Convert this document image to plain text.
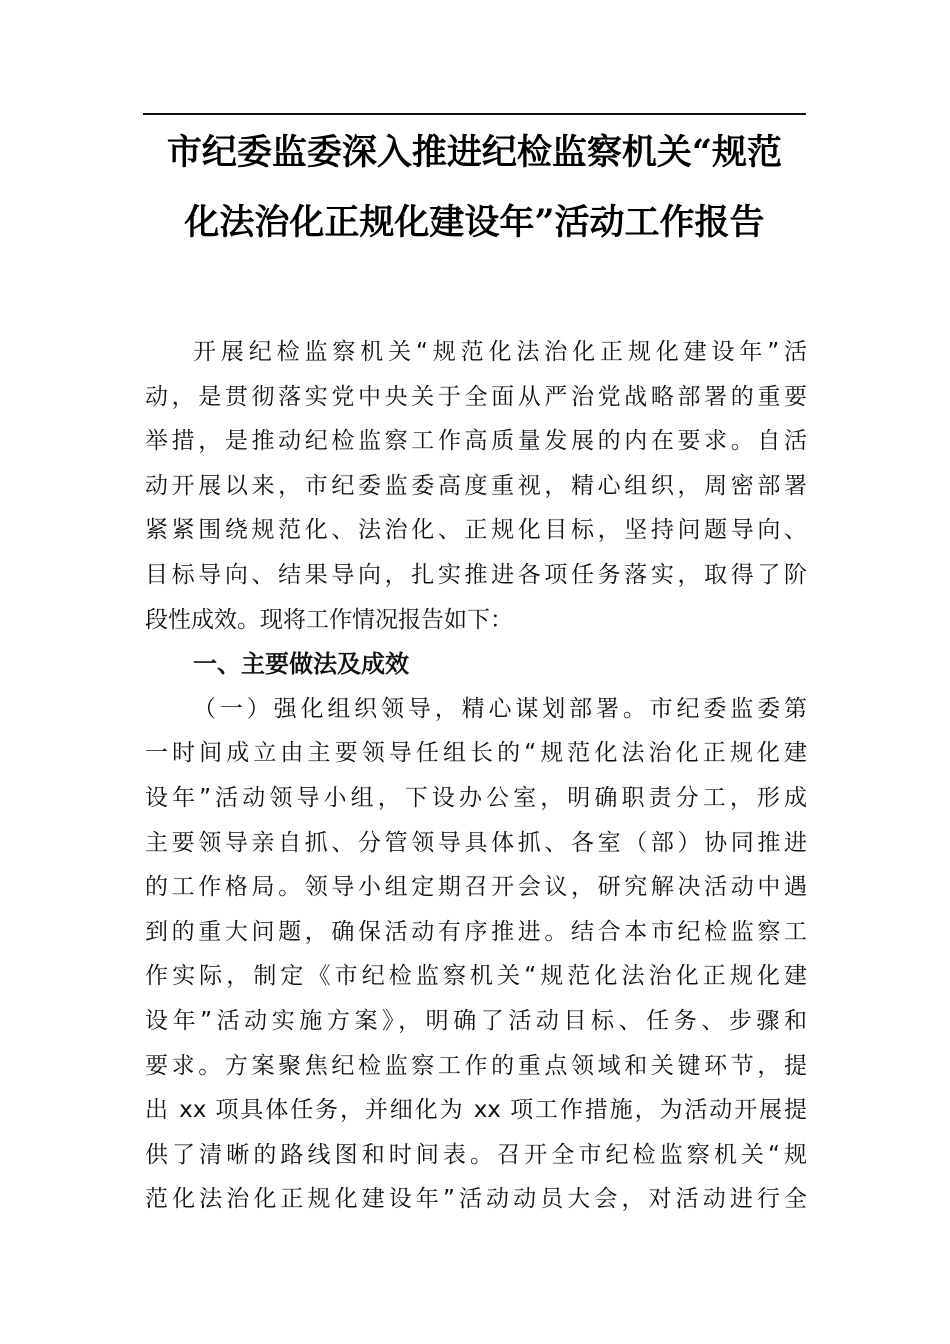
市纪委监委深入推进纪检监察机关“规范
化法治化正规化建设年”活动工作报告
开展纪检监察机关“规范化法治化正规化建设年”活
动，是贯彻落实党中央关于全面从严治党战略部署的重要
举措，是推动纪检监察工作高质量发展的内在要求。自活
动开展以来，市纪委监委高度重视，精心组织，周密部署
紧紧围绕规范化、法治化、正规化目标，坚持问题导向、
目标导向、结果导向，扎实推进各项任务落实，取得了阶
段性成效。现将工作情况报告如下：
一、主要做法及成效
（一）强化组织领导，精心谋划部署。市纪委监委第
一时间成立由主要领导任组长的“规范化法治化正规化建
设年”活动领导小组，下设办公室，明确职责分工，形成
主要领导亲自抓、分管领导具体抓、各室（部）协同推进
的工作格局。领导小组定期召开会议，研究解决活动中遇
到的重大问题，确保活动有序推进。结合本市纪检监察工
作实际，制定《市纪检监察机关“规范化法治化正规化建
设年”活动实施方案》，明确了活动目标、任务、步骤和
要求。方案聚焦纪检监察工作的重点领域和关键环节，提
出 xx 项具体任务，并细化为 xx 项工作措施，为活动开展提
供了清晰的路线图和时间表。召开全市纪检监察机关“规
范化法治化正规化建设年”活动动员大会，对活动进行全
